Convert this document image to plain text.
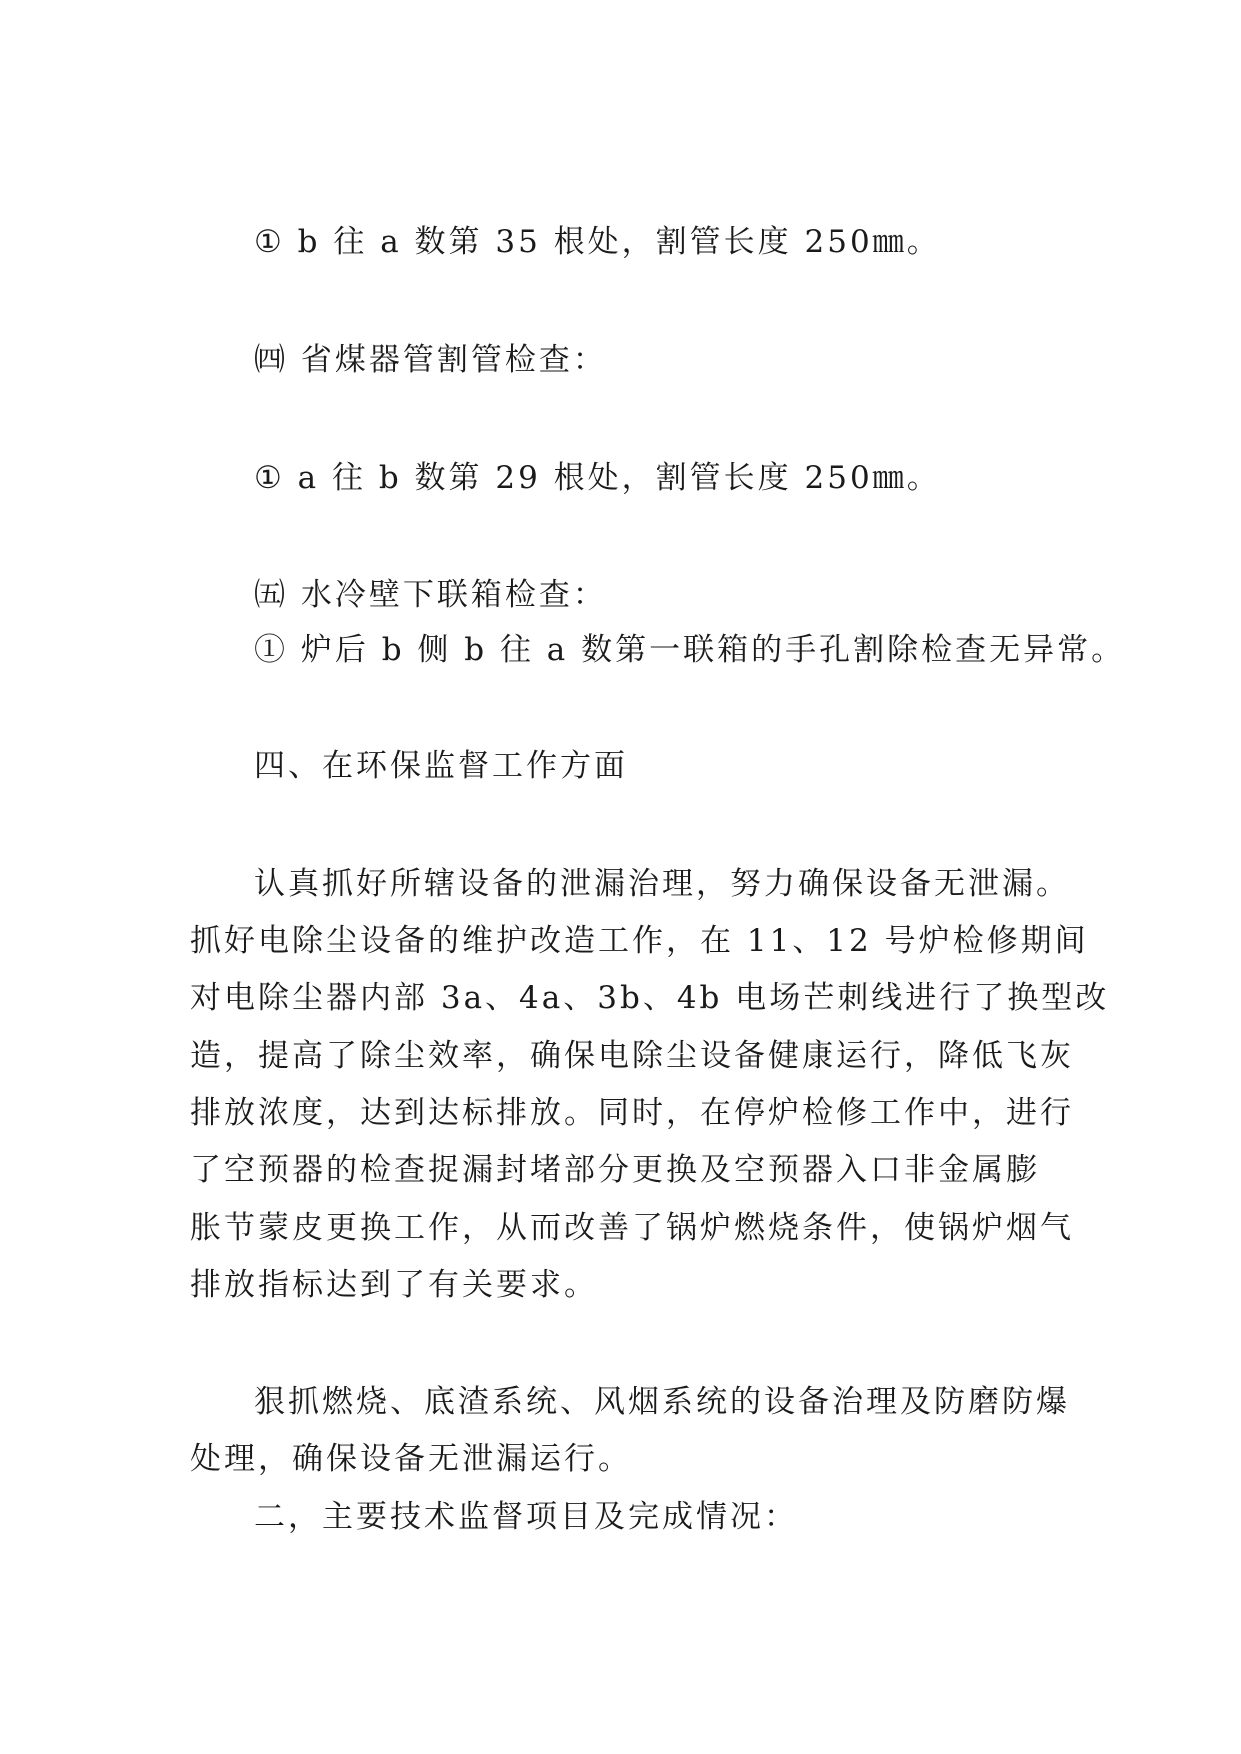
① b 往 a 数第 35 根处，割管长度 250㎜。
㈣ 省煤器管割管检查：
① a 往 b 数第 29 根处，割管长度 250㎜。
㈤ 水冷壁下联箱检查：
① 炉后 b 侧 b 往 a 数第一联箱的手孔割除检查无异常。
四、在环保监督工作方面
认真抓好所辖设备的泄漏治理，努力确保设备无泄漏。
抓好电除尘设备的维护改造工作，在 11、12 号炉检修期间
对电除尘器内部 3a、4a、3b、4b 电场芒刺线进行了换型改
造，提高了除尘效率，确保电除尘设备健康运行，降低飞灰
排放浓度，达到达标排放。同时，在停炉检修工作中，进行
了空预器的检查捉漏封堵部分更换及空预器入口非金属膨
胀节蒙皮更换工作，从而改善了锅炉燃烧条件，使锅炉烟气
排放指标达到了有关要求。
狠抓燃烧、底渣系统、风烟系统的设备治理及防磨防爆
处理，确保设备无泄漏运行。
二，主要技术监督项目及完成情况：
